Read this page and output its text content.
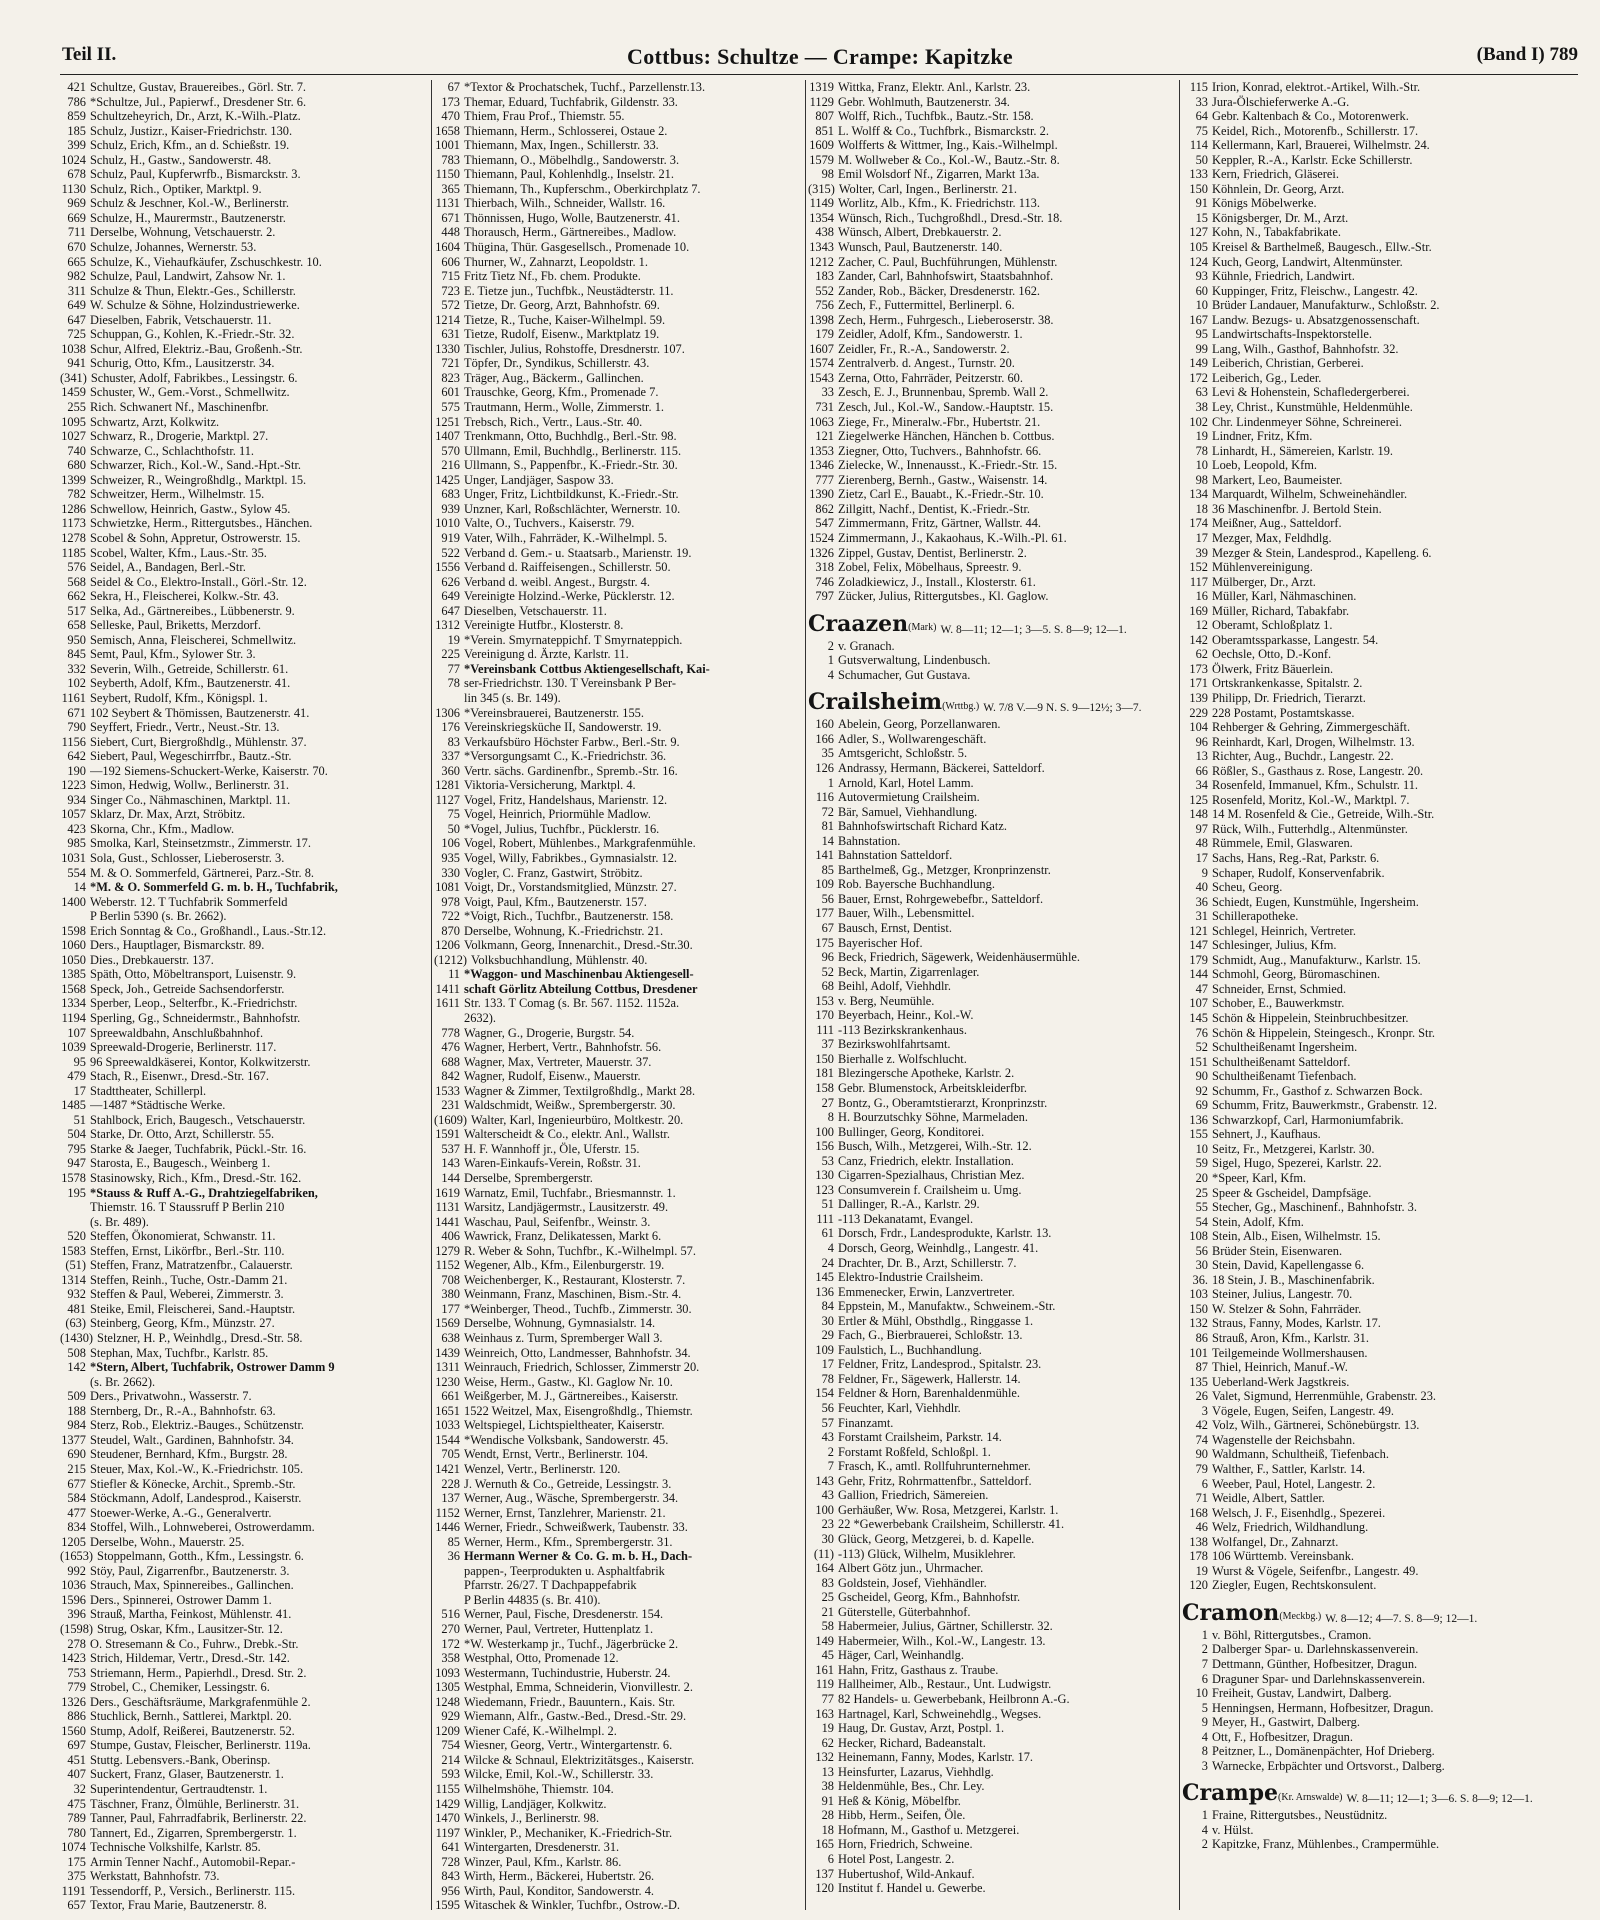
Teil II.	Cottbus: Schultze — Crampe: Kapitzke	(Band I) 789
421 Schultze, Gustav, Brauereibes., Görl. Str. 7.
786 *Schultze, Jul., Papierwf., Dresdener Str. 6.
859 Schultzeheyrich, Dr., Arzt, K.-Wilh.-Platz.
185 Schulz, Justizr., Kaiser-Friedrichstr. 130.
399 Schulz, Erich, Kfm., an d. Schießstr. 19.
1024 Schulz, H., Gastw., Sandowerstr. 48.
678 Schulz, Paul, Kupferwrfb., Bismarckstr. 3.
1130 Schulz, Rich., Optiker, Marktpl. 9.
969 Schulz & Jeschner, Kol.-W., Berlinerstr.
669 Schulze, H., Maurermstr., Bautzenerstr.
711 Derselbe, Wohnung, Vetschauerstr. 2.
670 Schulze, Johannes, Wernerstr. 53.
665 Schulze, K., Viehaufkäufer, Zschuschkestr. 10.
982 Schulze, Paul, Landwirt, Zahsow Nr. 1.
311 Schulze & Thun, Elektr.-Ges., Schillerstr.
649 W. Schulze & Söhne, Holzindustriewerke.
647 Dieselben, Fabrik, Vetschauerstr. 11.
725 Schuppan, G., Kohlen, K.-Friedr.-Str. 32.
1038 Schur, Alfred, Elektriz.-Bau, Großenh.-Str.
941 Schurig, Otto, Kfm., Lausitzerstr. 34.
(341) Schuster, Adolf, Fabrikbes., Lessingstr. 6.
1459 Schuster, W., Gem.-Vorst., Schmellwitz.
255 Rich. Schwanert Nf., Maschinenfbr.
1095 Schwartz, Arzt, Kolkwitz.
1027 Schwarz, R., Drogerie, Marktpl. 27.
740 Schwarze, C., Schlachthofstr. 11.
680 Schwarzer, Rich., Kol.-W., Sand.-Hpt.-Str.
1399 Schweizer, R., Weingroßhdlg., Marktpl. 15.
782 Schweitzer, Herm., Wilhelmstr. 15.
1286 Schwellow, Heinrich, Gastw., Sylow 45.
1173 Schwietzke, Herm., Rittergutsbes., Hänchen.
1278 Scobel & Sohn, Appretur, Ostrowerstr. 15.
1185 Scobel, Walter, Kfm., Laus.-Str. 35.
576 Seidel, A., Bandagen, Berl.-Str.
568 Seidel & Co., Elektro-Install., Görl.-Str. 12.
662 Sekra, H., Fleischerei, Kolkw.-Str. 43.
517 Selka, Ad., Gärtnereibes., Lübbenerstr. 9.
658 Selleske, Paul, Briketts, Merzdorf.
950 Semisch, Anna, Fleischerei, Schmellwitz.
845 Semt, Paul, Kfm., Sylower Str. 3.
332 Severin, Wilh., Getreide, Schillerstr. 61.
102 Seyberth, Adolf, Kfm., Bautzenerstr. 41.
1161 Seybert, Rudolf, Kfm., Königspl. 1.
671 102 Seybert & Thömissen, Bautzenerstr. 41.
790 Seyffert, Friedr., Vertr., Neust.-Str. 13.
1156 Siebert, Curt, Biergroßhdlg., Mühlenstr. 37.
642 Siebert, Paul, Wegeschirrfbr., Bautz.-Str.
190 —192 Siemens-Schuckert-Werke, Kaiserstr. 70.
1223 Simon, Hedwig, Wollw., Berlinerstr. 31.
934 Singer Co., Nähmaschinen, Marktpl. 11.
1057 Sklarz, Dr. Max, Arzt, Ströbitz.
423 Skorna, Chr., Kfm., Madlow.
985 Smolka, Karl, Steinsetzmstr., Zimmerstr. 17.
1031 Sola, Gust., Schlosser, Lieberoserstr. 3.
554 M. & O. Sommerfeld, Gärtnerei, Parz.-Str. 8.
14 *M. & O. Sommerfeld G. m. b. H., Tuchfabrik,
1400 Weberstr. 12. T Tuchfabrik Sommerfeld
P Berlin 5390 (s. Br. 2662).
1598 Erich Sonntag & Co., Großhandl., Laus.-Str.12.
1060 Ders., Hauptlager, Bismarckstr. 89.
1050 Dies., Drebkauerstr. 137.
1385 Späth, Otto, Möbeltransport, Luisenstr. 9.
1568 Speck, Joh., Getreide Sachsendorferstr.
1334 Sperber, Leop., Selterfbr., K.-Friedrichstr.
1194 Sperling, Gg., Schneidermstr., Bahnhofstr.
107 Spreewaldbahn, Anschlußbahnhof.
1039 Spreewald-Drogerie, Berlinerstr. 117.
95 96 Spreewaldkäserei, Kontor, Kolkwitzerstr.
479 Stach, R., Eisenwr., Dresd.-Str. 167.
17 Stadttheater, Schillerpl.
1485 —1487 *Städtische Werke.
51 Stahlbock, Erich, Baugesch., Vetschauerstr.
504 Starke, Dr. Otto, Arzt, Schillerstr. 55.
795 Starke & Jaeger, Tuchfabrik, Pückl.-Str. 16.
947 Starosta, E., Baugesch., Weinberg 1.
1578 Stasinowsky, Rich., Kfm., Dresd.-Str. 162.
195 *Stauss & Ruff A.-G., Drahtziegelfabriken,
Thiemstr. 16. T Staussruff P Berlin 210
(s. Br. 489).
520 Steffen, Ökonomierat, Schwanstr. 11.
1583 Steffen, Ernst, Likörfbr., Berl.-Str. 110.
(51) Steffen, Franz, Matratzenfbr., Calauerstr.
1314 Steffen, Reinh., Tuche, Ostr.-Damm 21.
932 Steffen & Paul, Weberei, Zimmerstr. 3.
481 Steike, Emil, Fleischerei, Sand.-Hauptstr.
(63) Steinberg, Georg, Kfm., Münzstr. 27.
(1430) Stelzner, H. P., Weinhdlg., Dresd.-Str. 58.
508 Stephan, Max, Tuchfbr., Karlstr. 85.
142 *Stern, Albert, Tuchfabrik, Ostrower Damm 9
(s. Br. 2662).
509 Ders., Privatwohn., Wasserstr. 7.
188 Sternberg, Dr., R.-A., Bahnhofstr. 63.
984 Sterz, Rob., Elektriz.-Bauges., Schützenstr.
1377 Steudel, Walt., Gardinen, Bahnhofstr. 34.
690 Steudener, Bernhard, Kfm., Burgstr. 28.
215 Steuer, Max, Kol.-W., K.-Friedrichstr. 105.
677 Stiefler & Könecke, Archit., Spremb.-Str.
584 Stöckmann, Adolf, Landesprod., Kaiserstr.
477 Stoewer-Werke, A.-G., Generalvertr.
834 Stoffel, Wilh., Lohnweberei, Ostrowerdamm.
1205 Derselbe, Wohn., Mauerstr. 25.
(1653) Stoppelmann, Gotth., Kfm., Lessingstr. 6.
992 Stöy, Paul, Zigarrenfbr., Bautzenerstr. 3.
1036 Strauch, Max, Spinnereibes., Gallinchen.
1596 Ders., Spinnerei, Ostrower Damm 1.
396 Strauß, Martha, Feinkost, Mühlenstr. 41.
(1598) Strug, Oskar, Kfm., Lausitzer-Str. 12.
278 O. Stresemann & Co., Fuhrw., Drebk.-Str.
1423 Strich, Hildemar, Vertr., Dresd.-Str. 142.
753 Striemann, Herm., Papierhdl., Dresd. Str. 2.
779 Strobel, C., Chemiker, Lessingstr. 6.
1326 Ders., Geschäftsräume, Markgrafenmühle 2.
886 Stuchlick, Bernh., Sattlerei, Marktpl. 20.
1560 Stump, Adolf, Reißerei, Bautzenerstr. 52.
697 Stumpe, Gustav, Fleischer, Berlinerstr. 119a.
451 Stuttg. Lebensvers.-Bank, Oberinsp.
407 Suckert, Franz, Glaser, Bautzenerstr. 1.
32 Superintendentur, Gertraudtenstr. 1.
475 Täschner, Franz, Ölmühle, Berlinerstr. 31.
789 Tanner, Paul, Fahrradfabrik, Berlinerstr. 22.
780 Tannert, Ed., Zigarren, Sprembergerstr. 1.
1074 Technische Volkshilfe, Karlstr. 85.
175 Armin Tenner Nachf., Automobil-Repar.-
375 Werkstatt, Bahnhofstr. 73.
1191 Tessendorff, P., Versich., Berlinerstr. 115.
657 Textor, Frau Marie, Bautzenerstr. 8.
67 *Textor & Prochatschek, Tuchf., Parzellenstr.13.
173 Themar, Eduard, Tuchfabrik, Gildenstr. 33.
470 Thiem, Frau Prof., Thiemstr. 55.
1658 Thiemann, Herm., Schlosserei, Ostaue 2.
1001 Thiemann, Max, Ingen., Schillerstr. 33.
783 Thiemann, O., Möbelhdlg., Sandowerstr. 3.
1150 Thiemann, Paul, Kohlenhdlg., Inselstr. 21.
365 Thiemann, Th., Kupferschm., Oberkirchplatz 7.
1131 Thierbach, Wilh., Schneider, Wallstr. 16.
671 Thönnissen, Hugo, Wolle, Bautzenerstr. 41.
448 Thorausch, Herm., Gärtnereibes., Madlow.
1604 Thügina, Thür. Gasgesellsch., Promenade 10.
606 Thurner, W., Zahnarzt, Leopoldstr. 1.
715 Fritz Tietz Nf., Fb. chem. Produkte.
723 E. Tietze jun., Tuchfbk., Neustädterstr. 11.
572 Tietze, Dr. Georg, Arzt, Bahnhofstr. 69.
1214 Tietze, R., Tuche, Kaiser-Wilhelmpl. 59.
631 Tietze, Rudolf, Eisenw., Marktplatz 19.
1330 Tischler, Julius, Rohstoffe, Dresdnerstr. 107.
721 Töpfer, Dr., Syndikus, Schillerstr. 43.
823 Träger, Aug., Bäckerm., Gallinchen.
601 Trauschke, Georg, Kfm., Promenade 7.
575 Trautmann, Herm., Wolle, Zimmerstr. 1.
1251 Trebsch, Rich., Vertr., Laus.-Str. 40.
1407 Trenkmann, Otto, Buchhdlg., Berl.-Str. 98.
570 Ullmann, Emil, Buchhdlg., Berlinerstr. 115.
216 Ullmann, S., Pappenfbr., K.-Friedr.-Str. 30.
1425 Unger, Landjäger, Saspow 33.
683 Unger, Fritz, Lichtbildkunst, K.-Friedr.-Str.
939 Unzner, Karl, Roßschlächter, Wernerstr. 10.
1010 Valte, O., Tuchvers., Kaiserstr. 79.
919 Vater, Wilh., Fahrräder, K.-Wilhelmpl. 5.
522 Verband d. Gem.- u. Staatsarb., Marienstr. 19.
1556 Verband d. Raiffeisengen., Schillerstr. 50.
626 Verband d. weibl. Angest., Burgstr. 4.
649 Vereinigte Holzind.-Werke, Pücklerstr. 12.
647 Dieselben, Vetschauerstr. 11.
1312 Vereinigte Hutfbr., Klosterstr. 8.
19 *Verein. Smyrnateppichf. T Smyrnateppich.
225 Vereinigung d. Ärzte, Karlstr. 11.
77 *Vereinsbank Cottbus Aktiengesellschaft, Kai-
78 ser-Friedrichstr. 130. T Vereinsbank P Ber-
lin 345 (s. Br. 149).
1306 *Vereinsbrauerei, Bautzenerstr. 155.
176 Vereinskriegsküche II, Sandowerstr. 19.
83 Verkaufsbüro Höchster Farbw., Berl.-Str. 9.
337 *Versorgungsamt C., K.-Friedrichstr. 36.
360 Vertr. sächs. Gardinenfbr., Spremb.-Str. 16.
1281 Viktoria-Versicherung, Marktpl. 4.
1127 Vogel, Fritz, Handelshaus, Marienstr. 12.
75 Vogel, Heinrich, Priormühle Madlow.
50 *Vogel, Julius, Tuchfbr., Pücklerstr. 16.
106 Vogel, Robert, Mühlenbes., Markgrafenmühle.
935 Vogel, Willy, Fabrikbes., Gymnasialstr. 12.
330 Vogler, C. Franz, Gastwirt, Ströbitz.
1081 Voigt, Dr., Vorstandsmitglied, Münzstr. 27.
978 Voigt, Paul, Kfm., Bautzenerstr. 157.
722 *Voigt, Rich., Tuchfbr., Bautzenerstr. 158.
870 Derselbe, Wohnung, K.-Friedrichstr. 21.
1206 Volkmann, Georg, Innenarchit., Dresd.-Str.30.
(1212) Volksbuchhandlung, Mühlenstr. 40.
11 *Waggon- und Maschinenbau Aktiengesell-
1411 schaft Görlitz Abteilung Cottbus, Dresdener
1611 Str. 133. T Comag (s. Br. 567. 1152. 1152a.
2632).
778 Wagner, G., Drogerie, Burgstr. 54.
476 Wagner, Herbert, Vertr., Bahnhofstr. 56.
688 Wagner, Max, Vertreter, Mauerstr. 37.
842 Wagner, Rudolf, Eisenw., Mauerstr.
1533 Wagner & Zimmer, Textilgroßhdlg., Markt 28.
231 Waldschmidt, Weißw., Sprembergerstr. 30.
(1609) Walter, Karl, Ingenieurbüro, Moltkestr. 20.
1591 Walterscheidt & Co., elektr. Anl., Wallstr.
537 H. F. Wannhoff jr., Öle, Uferstr. 15.
143 Waren-Einkaufs-Verein, Roßstr. 31.
144 Derselbe, Sprembergerstr.
1619 Warnatz, Emil, Tuchfabr., Briesmannstr. 1.
1131 Warsitz, Landjägermstr., Lausitzerstr. 49.
1441 Waschau, Paul, Seifenfbr., Weinstr. 3.
406 Wawrick, Franz, Delikatessen, Markt 6.
1279 R. Weber & Sohn, Tuchfbr., K.-Wilhelmpl. 57.
1152 Wegener, Alb., Kfm., Eilenburgerstr. 19.
708 Weichenberger, K., Restaurant, Klosterstr. 7.
380 Weinmann, Franz, Maschinen, Bism.-Str. 4.
177 *Weinberger, Theod., Tuchfb., Zimmerstr. 30.
1569 Derselbe, Wohnung, Gymnasialstr. 14.
638 Weinhaus z. Turm, Spremberger Wall 3.
1439 Weinreich, Otto, Landmesser, Bahnhofstr. 34.
1311 Weinrauch, Friedrich, Schlosser, Zimmerstr 20.
1230 Weise, Herm., Gastw., Kl. Gaglow Nr. 10.
661 Weißgerber, M. J., Gärtnereibes., Kaiserstr.
1651 1522 Weitzel, Max, Eisengroßhdlg., Thiemstr.
1033 Weltspiegel, Lichtspieltheater, Kaiserstr.
1544 *Wendische Volksbank, Sandowerstr. 45.
705 Wendt, Ernst, Vertr., Berlinerstr. 104.
1421 Wenzel, Vertr., Berlinerstr. 120.
228 J. Wernuth & Co., Getreide, Lessingstr. 3.
137 Werner, Aug., Wäsche, Sprembergerstr. 34.
1152 Werner, Ernst, Tanzlehrer, Marienstr. 21.
1446 Werner, Friedr., Schweißwerk, Taubenstr. 33.
85 Werner, Herm., Kfm., Sprembergerstr. 31.
36 Hermann Werner & Co. G. m. b. H., Dach-
pappen-, Teerprodukten u. Asphaltfabrik
Pfarrstr. 26/27. T Dachpappefabrik
P Berlin 44835 (s. Br. 410).
516 Werner, Paul, Fische, Dresdenerstr. 154.
270 Werner, Paul, Vertreter, Huttenplatz 1.
172 *W. Westerkamp jr., Tuchf., Jägerbrücke 2.
358 Westphal, Otto, Promenade 12.
1093 Westermann, Tuchindustrie, Huberstr. 24.
1305 Westphal, Emma, Schneiderin, Vionvillestr. 2.
1248 Wiedemann, Friedr., Bauuntern., Kais. Str.
929 Wiemann, Alfr., Gastw.-Bed., Dresd.-Str. 29.
1209 Wiener Café, K.-Wilhelmpl. 2.
754 Wiesner, Georg, Vertr., Wintergartenstr. 6.
214 Wilcke & Schnaul, Elektrizitätsges., Kaiserstr.
593 Wilcke, Emil, Kol.-W., Schillerstr. 33.
1155 Wilhelmshöhe, Thiemstr. 104.
1429 Willig, Landjäger, Kolkwitz.
1470 Winkels, J., Berlinerstr. 98.
1197 Winkler, P., Mechaniker, K.-Friedrich-Str.
641 Wintergarten, Dresdenerstr. 31.
728 Winzer, Paul, Kfm., Karlstr. 86.
843 Wirth, Herm., Bäckerei, Hubertstr. 26.
956 Wirth, Paul, Konditor, Sandowerstr. 4.
1595 Witaschek & Winkler, Tuchfbr., Ostrow.-D.
1319 Wittka, Franz, Elektr. Anl., Karlstr. 23.
1129 Gebr. Wohlmuth, Bautzenerstr. 34.
807 Wolff, Rich., Tuchfbk., Bautz.-Str. 158.
851 L. Wolff & Co., Tuchfbrk., Bismarckstr. 2.
1609 Wolfferts & Wittmer, Ing., Kais.-Wilhelmpl.
1579 M. Wollweber & Co., Kol.-W., Bautz.-Str. 8.
98 Emil Wolsdorf Nf., Zigarren, Markt 13a.
(315) Wolter, Carl, Ingen., Berlinerstr. 21.
1149 Worlitz, Alb., Kfm., K. Friedrichstr. 113.
1354 Wünsch, Rich., Tuchgroßhdl., Dresd.-Str. 18.
438 Wünsch, Albert, Drebkauerstr. 2.
1343 Wunsch, Paul, Bautzenerstr. 140.
1212 Zacher, C. Paul, Buchführungen, Mühlenstr.
183 Zander, Carl, Bahnhofswirt, Staatsbahnhof.
552 Zander, Rob., Bäcker, Dresdenerstr. 162.
756 Zech, F., Futtermittel, Berlinerpl. 6.
1398 Zech, Herm., Fuhrgesch., Lieberoserstr. 38.
179 Zeidler, Adolf, Kfm., Sandowerstr. 1.
1607 Zeidler, Fr., R.-A., Sandowerstr. 2.
1574 Zentralverb. d. Angest., Turnstr. 20.
1543 Zerna, Otto, Fahrräder, Peitzerstr. 60.
33 Zesch, E. J., Brunnenbau, Spremb. Wall 2.
731 Zesch, Jul., Kol.-W., Sandow.-Hauptstr. 15.
1063 Ziege, Fr., Mineralw.-Fbr., Hubertstr. 21.
121 Ziegelwerke Hänchen, Hänchen b. Cottbus.
1353 Ziegner, Otto, Tuchvers., Bahnhofstr. 66.
1346 Zielecke, W., Innenausst., K.-Friedr.-Str. 15.
777 Zierenberg, Bernh., Gastw., Waisenstr. 14.
1390 Zietz, Carl E., Bauabt., K.-Friedr.-Str. 10.
862 Zillgitt, Nachf., Dentist, K.-Friedr.-Str.
547 Zimmermann, Fritz, Gärtner, Wallstr. 44.
1524 Zimmermann, J., Kakaohaus, K.-Wilh.-Pl. 61.
1326 Zippel, Gustav, Dentist, Berlinerstr. 2.
318 Zobel, Felix, Möbelhaus, Spreestr. 9.
746 Zoladkiewicz, J., Install., Klosterstr. 61.
797 Zücker, Julius, Rittergutsbes., Kl. Gaglow.
Craazen (Mark) W. 8—11; 12—1; 3—5. S. 8—9; 12—1.
2 v. Granach.
1 Gutsverwaltung, Lindenbusch.
4 Schumacher, Gut Gustava.
Crailsheim (Wrttbg.) W. 7/8 V.—9 N. S. 9—12½; 3—7.
160 Abelein, Georg, Porzellanwaren.
166 Adler, S., Wollwarengeschäft.
35 Amtsgericht, Schloßstr. 5.
126 Andrassy, Hermann, Bäckerei, Satteldorf.
1 Arnold, Karl, Hotel Lamm.
116 Autovermietung Crailsheim.
72 Bär, Samuel, Viehhandlung.
81 Bahnhofswirtschaft Richard Katz.
14 Bahnstation.
141 Bahnstation Satteldorf.
85 Barthelmeß, Gg., Metzger, Kronprinzenstr.
109 Rob. Bayersche Buchhandlung.
56 Bauer, Ernst, Rohrgewebefbr., Satteldorf.
177 Bauer, Wilh., Lebensmittel.
67 Bausch, Ernst, Dentist.
175 Bayerischer Hof.
96 Beck, Friedrich, Sägewerk, Weidenhäusermühle.
52 Beck, Martin, Zigarrenlager.
68 Beihl, Adolf, Viehhdlr.
153 v. Berg, Neumühle.
170 Beyerbach, Heinr., Kol.-W.
111 -113 Bezirkskrankenhaus.
37 Bezirkswohlfahrtsamt.
150 Bierhalle z. Wolfschlucht.
181 Blezingersche Apotheke, Karlstr. 2.
158 Gebr. Blumenstock, Arbeitskleiderfbr.
27 Bontz, G., Oberamtstierarzt, Kronprinzstr.
8 H. Bourzutschky Söhne, Marmeladen.
100 Bullinger, Georg, Konditorei.
156 Busch, Wilh., Metzgerei, Wilh.-Str. 12.
53 Canz, Friedrich, elektr. Installation.
130 Cigarren-Spezialhaus, Christian Mez.
123 Consumverein f. Crailsheim u. Umg.
51 Dallinger, R.-A., Karlstr. 29.
111 -113 Dekanatamt, Evangel.
61 Dorsch, Frdr., Landesprodukte, Karlstr. 13.
4 Dorsch, Georg, Weinhdlg., Langestr. 41.
24 Drachter, Dr. B., Arzt, Schillerstr. 7.
145 Elektro-Industrie Crailsheim.
136 Emmenecker, Erwin, Lanzvertreter.
84 Eppstein, M., Manufaktw., Schweinem.-Str.
30 Ertler & Mühl, Obsthdlg., Ringgasse 1.
29 Fach, G., Bierbrauerei, Schloßstr. 13.
109 Faulstich, L., Buchhandlung.
17 Feldner, Fritz, Landesprod., Spitalstr. 23.
78 Feldner, Fr., Sägewerk, Hallerstr. 14.
154 Feldner & Horn, Barenhaldenmühle.
56 Feuchter, Karl, Viehhdlr.
57 Finanzamt.
43 Forstamt Crailsheim, Parkstr. 14.
2 Forstamt Roßfeld, Schloßpl. 1.
7 Frasch, K., amtl. Rollfuhrunternehmer.
143 Gehr, Fritz, Rohrmattenfbr., Satteldorf.
43 Gallion, Friedrich, Sämereien.
100 Gerhäußer, Ww. Rosa, Metzgerei, Karlstr. 1.
23 22 *Gewerbebank Crailsheim, Schillerstr. 41.
30 Glück, Georg, Metzgerei, b. d. Kapelle.
(11) -113) Glück, Wilhelm, Musiklehrer.
164 Albert Götz jun., Uhrmacher.
83 Goldstein, Josef, Viehhändler.
25 Gscheidel, Georg, Kfm., Bahnhofstr.
21 Güterstelle, Güterbahnhof.
58 Habermeier, Julius, Gärtner, Schillerstr. 32.
149 Habermeier, Wilh., Kol.-W., Langestr. 13.
45 Häger, Carl, Weinhandlg.
161 Hahn, Fritz, Gasthaus z. Traube.
119 Hallheimer, Alb., Restaur., Unt. Ludwigstr.
77 82 Handels- u. Gewerbebank, Heilbronn A.-G.
163 Hartnagel, Karl, Schweinehdlg., Wegses.
19 Haug, Dr. Gustav, Arzt, Postpl. 1.
62 Hecker, Richard, Badeanstalt.
132 Heinemann, Fanny, Modes, Karlstr. 17.
13 Heinsfurter, Lazarus, Viehhdlg.
38 Heldenmühle, Bes., Chr. Ley.
91 Heß & König, Möbelfbr.
28 Hibb, Herm., Seifen, Öle.
18 Hofmann, M., Gasthof u. Metzgerei.
165 Horn, Friedrich, Schweine.
6 Hotel Post, Langestr. 2.
137 Hubertushof, Wild-Ankauf.
120 Institut f. Handel u. Gewerbe.
115 Irion, Konrad, elektrot.-Artikel, Wilh.-Str.
33 Jura-Ölschieferwerke A.-G.
64 Gebr. Kaltenbach & Co., Motorenwerk.
75 Keidel, Rich., Motorenfb., Schillerstr. 17.
114 Kellermann, Karl, Brauerei, Wilhelmstr. 24.
50 Keppler, R.-A., Karlstr. Ecke Schillerstr.
133 Kern, Friedrich, Gläserei.
150 Köhnlein, Dr. Georg, Arzt.
91 Königs Möbelwerke.
15 Königsberger, Dr. M., Arzt.
127 Kohn, N., Tabakfabrikate.
105 Kreisel & Barthelmeß, Baugesch., Ellw.-Str.
124 Kuch, Georg, Landwirt, Altenmünster.
93 Kühnle, Friedrich, Landwirt.
60 Kuppinger, Fritz, Fleischw., Langestr. 42.
10 Brüder Landauer, Manufakturw., Schloßstr. 2.
167 Landw. Bezugs- u. Absatzgenossenschaft.
95 Landwirtschafts-Inspektorstelle.
99 Lang, Wilh., Gasthof, Bahnhofstr. 32.
149 Leiberich, Christian, Gerberei.
172 Leiberich, Gg., Leder.
63 Levi & Hohenstein, Schafledergerberei.
38 Ley, Christ., Kunstmühle, Heldenmühle.
102 Chr. Lindenmeyer Söhne, Schreinerei.
19 Lindner, Fritz, Kfm.
78 Linhardt, H., Sämereien, Karlstr. 19.
10 Loeb, Leopold, Kfm.
98 Markert, Leo, Baumeister.
134 Marquardt, Wilhelm, Schweinehändler.
18 36 Maschinenfbr. J. Bertold Stein.
174 Meißner, Aug., Satteldorf.
17 Mezger, Max, Feldhdlg.
39 Mezger & Stein, Landesprod., Kapelleng. 6.
152 Mühlenvereinigung.
117 Mülberger, Dr., Arzt.
16 Müller, Karl, Nähmaschinen.
169 Müller, Richard, Tabakfabr.
12 Oberamt, Schloßplatz 1.
142 Oberamtssparkasse, Langestr. 54.
62 Oechsle, Otto, D.-Konf.
173 Ölwerk, Fritz Bäuerlein.
171 Ortskrankenkasse, Spitalstr. 2.
139 Philipp, Dr. Friedrich, Tierarzt.
229 228 Postamt, Postamtskasse.
104 Rehberger & Gehring, Zimmergeschäft.
96 Reinhardt, Karl, Drogen, Wilhelmstr. 13.
13 Richter, Aug., Buchdr., Langestr. 22.
66 Rößler, S., Gasthaus z. Rose, Langestr. 20.
34 Rosenfeld, Immanuel, Kfm., Schulstr. 11.
125 Rosenfeld, Moritz, Kol.-W., Marktpl. 7.
148 14 M. Rosenfeld & Cie., Getreide, Wilh.-Str.
97 Rück, Wilh., Futterhdlg., Altenmünster.
48 Rümmele, Emil, Glaswaren.
17 Sachs, Hans, Reg.-Rat, Parkstr. 6.
9 Schaper, Rudolf, Konservenfabrik.
40 Scheu, Georg.
36 Schiedt, Eugen, Kunstmühle, Ingersheim.
31 Schillerapotheke.
121 Schlegel, Heinrich, Vertreter.
147 Schlesinger, Julius, Kfm.
179 Schmidt, Aug., Manufakturw., Karlstr. 15.
144 Schmohl, Georg, Büromaschinen.
47 Schneider, Ernst, Schmied.
107 Schober, E., Bauwerkmstr.
145 Schön & Hippelein, Steinbruchbesitzer.
76 Schön & Hippelein, Steingesch., Kronpr. Str.
52 Schultheißenamt Ingersheim.
151 Schultheißenamt Satteldorf.
90 Schultheißenamt Tiefenbach.
92 Schumm, Fr., Gasthof z. Schwarzen Bock.
69 Schumm, Fritz, Bauwerkmstr., Grabenstr. 12.
136 Schwarzkopf, Carl, Harmoniumfabrik.
155 Sehnert, J., Kaufhaus.
10 Seitz, Fr., Metzgerei, Karlstr. 30.
59 Sigel, Hugo, Spezerei, Karlstr. 22.
20 *Speer, Karl, Kfm.
25 Speer & Gscheidel, Dampfsäge.
55 Stecher, Gg., Maschinenf., Bahnhofstr. 3.
54 Stein, Adolf, Kfm.
108 Stein, Alb., Eisen, Wilhelmstr. 15.
56 Brüder Stein, Eisenwaren.
30 Stein, David, Kapellengasse 6.
36. 18 Stein, J. B., Maschinenfabrik.
103 Steiner, Julius, Langestr. 70.
150 W. Stelzer & Sohn, Fahrräder.
132 Straus, Fanny, Modes, Karlstr. 17.
86 Strauß, Aron, Kfm., Karlstr. 31.
101 Teilgemeinde Wollmershausen.
87 Thiel, Heinrich, Manuf.-W.
135 Ueberland-Werk Jagstkreis.
26 Valet, Sigmund, Herrenmühle, Grabenstr. 23.
3 Vögele, Eugen, Seifen, Langestr. 49.
42 Volz, Wilh., Gärtnerei, Schönebürgstr. 13.
74 Wagenstelle der Reichsbahn.
90 Waldmann, Schultheiß, Tiefenbach.
79 Walther, F., Sattler, Karlstr. 14.
6 Weeber, Paul, Hotel, Langestr. 2.
71 Weidle, Albert, Sattler.
168 Welsch, J. F., Eisenhdlg., Spezerei.
46 Welz, Friedrich, Wildhandlung.
138 Wolfangel, Dr., Zahnarzt.
178 106 Württemb. Vereinsbank.
19 Wurst & Vögele, Seifenfbr., Langestr. 49.
120 Ziegler, Eugen, Rechtskonsulent.
Cramon (Meckbg.) W. 8—12; 4—7. S. 8—9; 12—1.
1 v. Böhl, Rittergutsbes., Cramon.
2 Dalberger Spar- u. Darlehnskassenverein.
7 Dettmann, Günther, Hofbesitzer, Dragun.
6 Draguner Spar- und Darlehnskassenverein.
10 Freiheit, Gustav, Landwirt, Dalberg.
5 Henningsen, Hermann, Hofbesitzer, Dragun.
9 Meyer, H., Gastwirt, Dalberg.
4 Ott, F., Hofbesitzer, Dragun.
8 Peitzner, L., Domänenpächter, Hof Drieberg.
3 Warnecke, Erbpächter und Ortsvorst., Dalberg.
Crampe (Kr. Arnswalde) W. 8—11; 12—1; 3—6. S. 8—9; 12—1.
1 Fraine, Rittergutsbes., Neustüdnitz.
4 v. Hülst.
2 Kapitzke, Franz, Mühlenbes., Crampermühle.
